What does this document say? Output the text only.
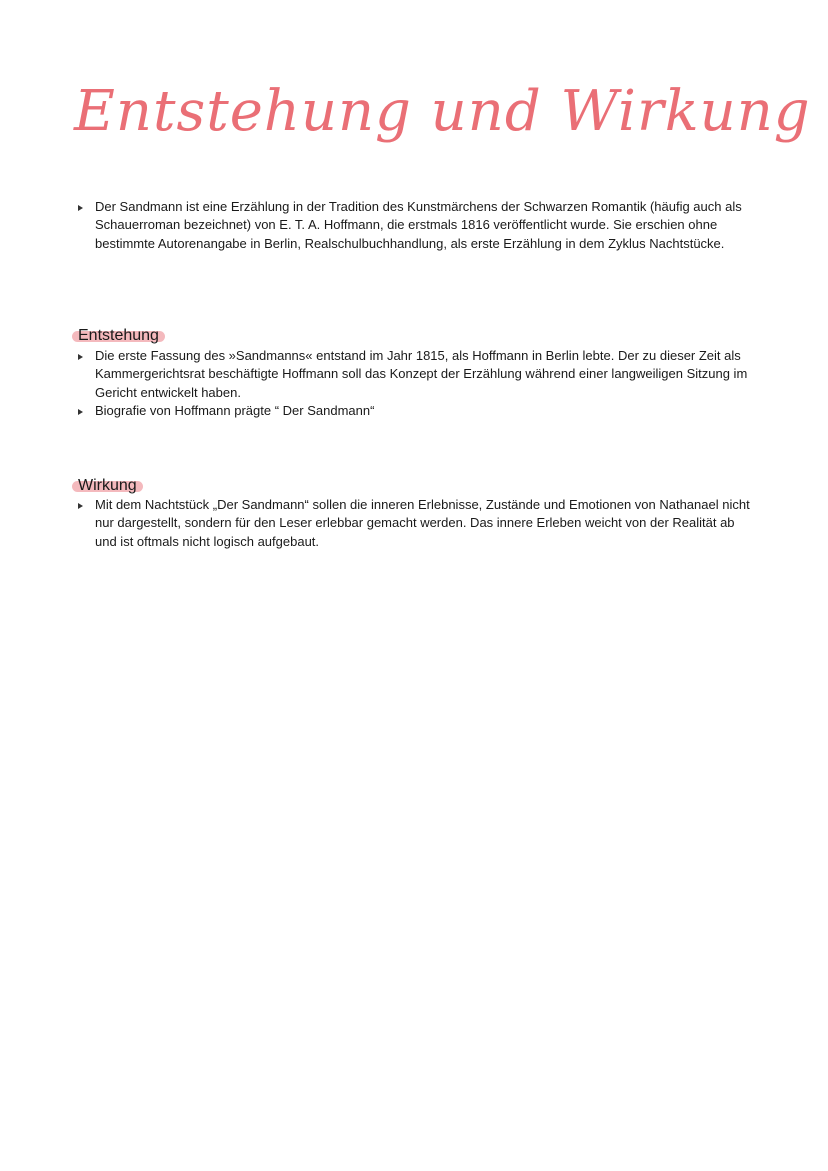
Entstehung und Wirkung
Der Sandmann ist eine Erzählung in der Tradition des Kunstmärchens der Schwarzen Romantik (häufig auch als Schauerroman bezeichnet) von E. T. A. Hoffmann, die erstmals 1816 veröffentlicht wurde. Sie erschien ohne bestimmte Autorenangabe in Berlin, Realschulbuchhandlung, als erste Erzählung in dem Zyklus Nachtstücke.
Entstehung
Die erste Fassung des »Sandmanns« entstand im Jahr 1815, als Hoffmann in Berlin lebte. Der zu dieser Zeit als Kammergerichtsrat beschäftigte Hoffmann soll das Konzept der Erzählung während einer langweiligen Sitzung im Gericht entwickelt haben.
Biografie von Hoffmann prägte “ Der Sandmann“
Wirkung
Mit dem Nachtstück „Der Sandmann“ sollen die inneren Erlebnisse, Zustände und Emotionen von Nathanael nicht nur dargestellt, sondern für den Leser erlebbar gemacht werden. Das innere Erleben weicht von der Realität ab und ist oftmals nicht logisch aufgebaut.
